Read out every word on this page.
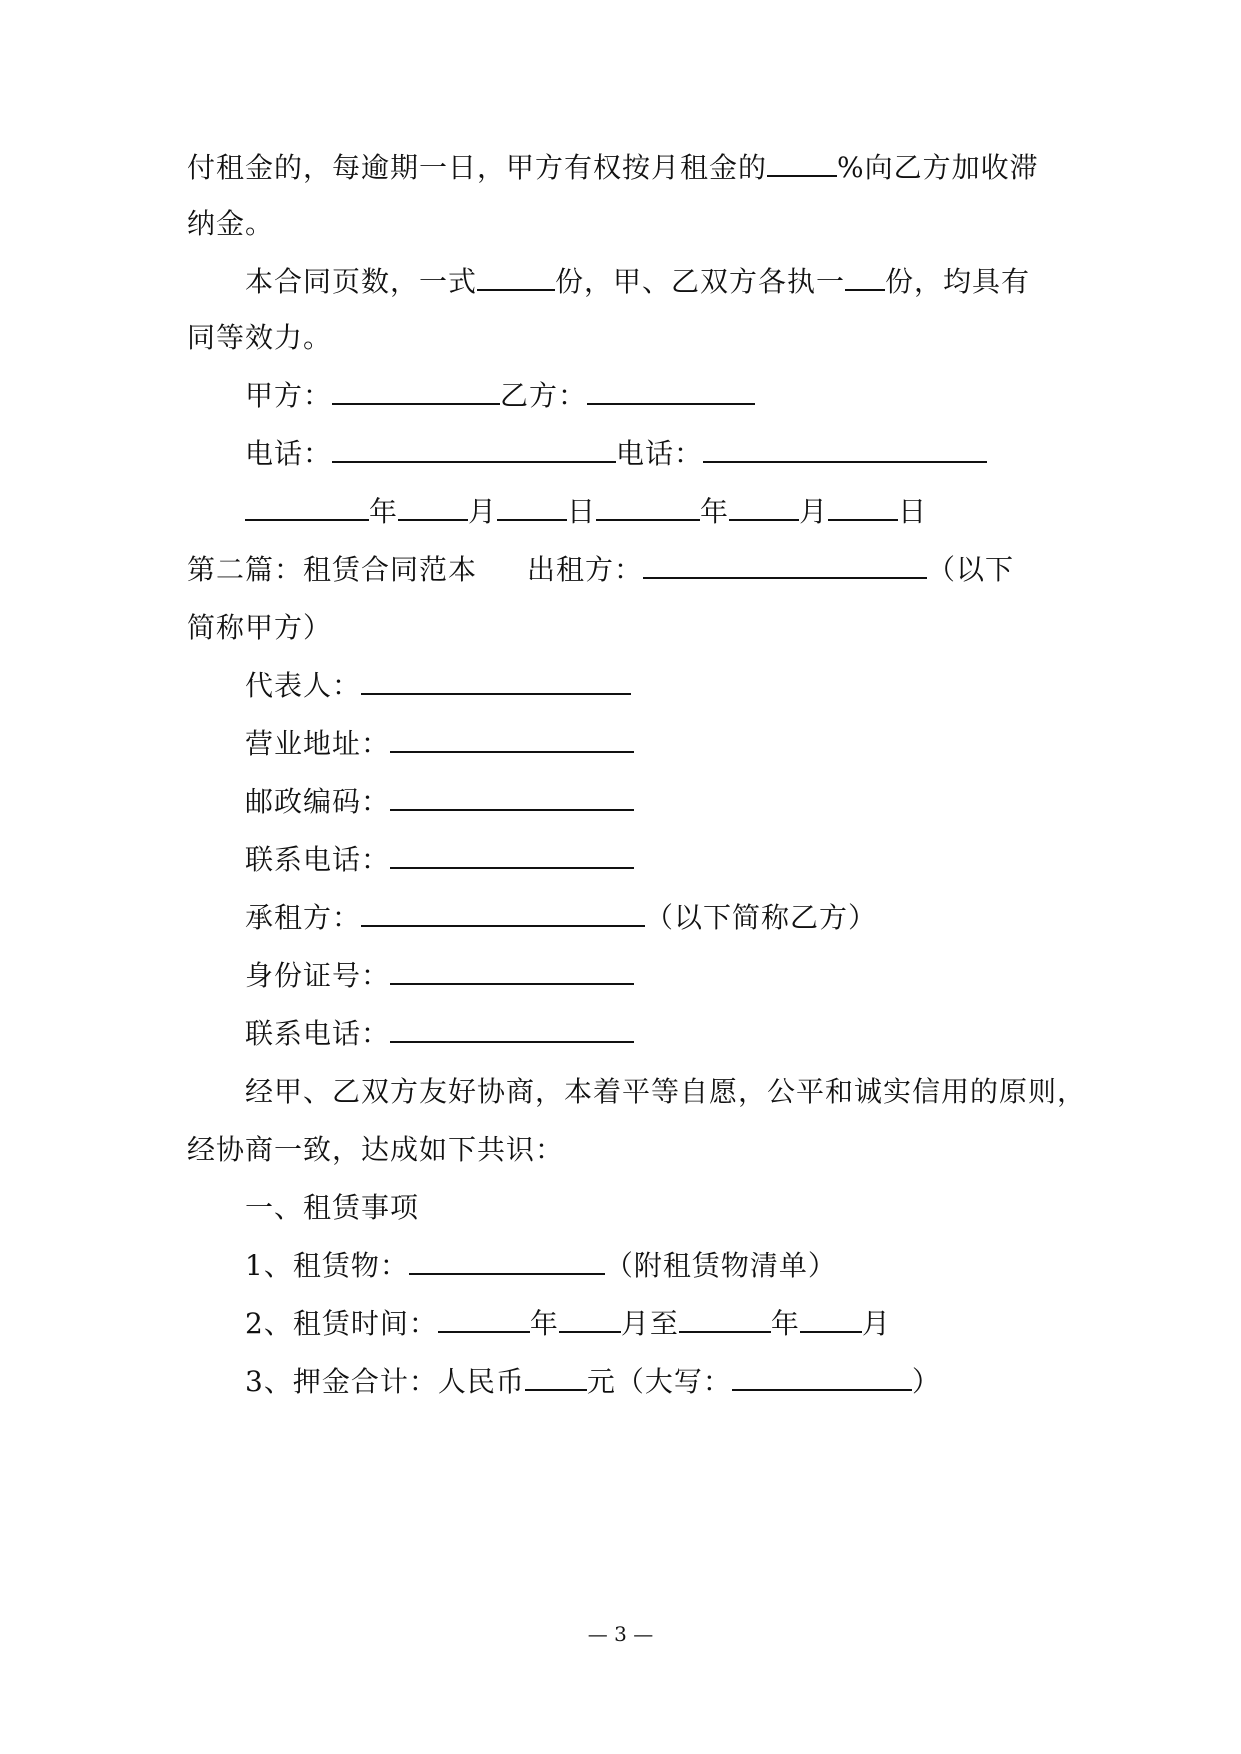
付租金的，每逾期一日，甲方有权按月租金的	%向乙方加收滞
纳金。
本合同页数，一式	份，甲、乙双方各执一 份，均具有
同等效力。
甲方：	乙方：
电话：	电话：
年	月	日	年	月	日
第二篇：租赁合同范本 出租方：	（以下
简称甲方）
代表人：
营业地址：
邮政编码：
联系电话：
承租方：	（以下简称乙方）
身份证号：
联系电话：
经甲、乙双方友好协商，本着平等自愿，公平和诚实信用的原则，
经协商一致，达成如下共识：
一、租赁事项
1、租赁物：	（附租赁物清单）
2、租赁时间：	年 月至	年 月
3、押金合计：人民币 元（大写：	）
— 3 —
